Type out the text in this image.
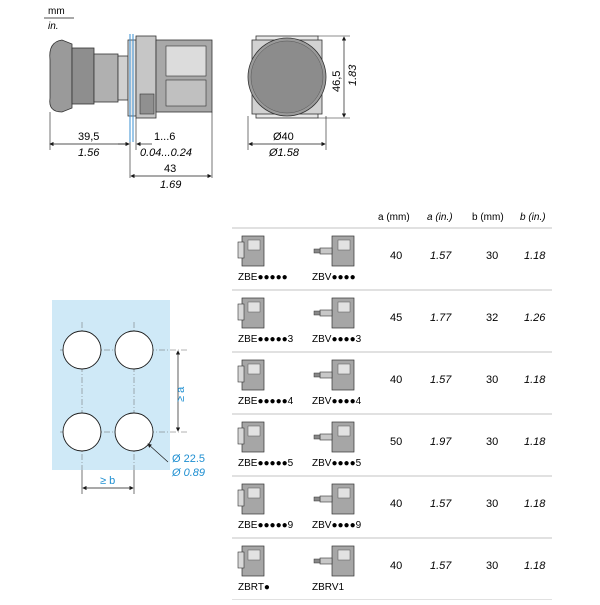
mm
in.
39,5
1.56
1...6
0.04...0.24
43
1.69
46,5 1.83
Ø40
Ø1.58
≥ a
≥ b
Ø 22.5
Ø 0.89
a (mm) a (in.) b (mm) b (in.)
ZBE●●●●● ZBV●●●●
40	1.57	30 1.18
ZBE●●●●●3 ZBV●●●●3
45	1.77	32 1.26
ZBE●●●●●4 ZBV●●●●4
40	1.57	30 1.18
ZBE●●●●●5 ZBV●●●●5
50	1.97	30 1.18
ZBE●●●●●9 ZBV●●●●9
40	1.57	30 1.18
ZBRT●	ZBRV1
40	1.57	30 1.18
